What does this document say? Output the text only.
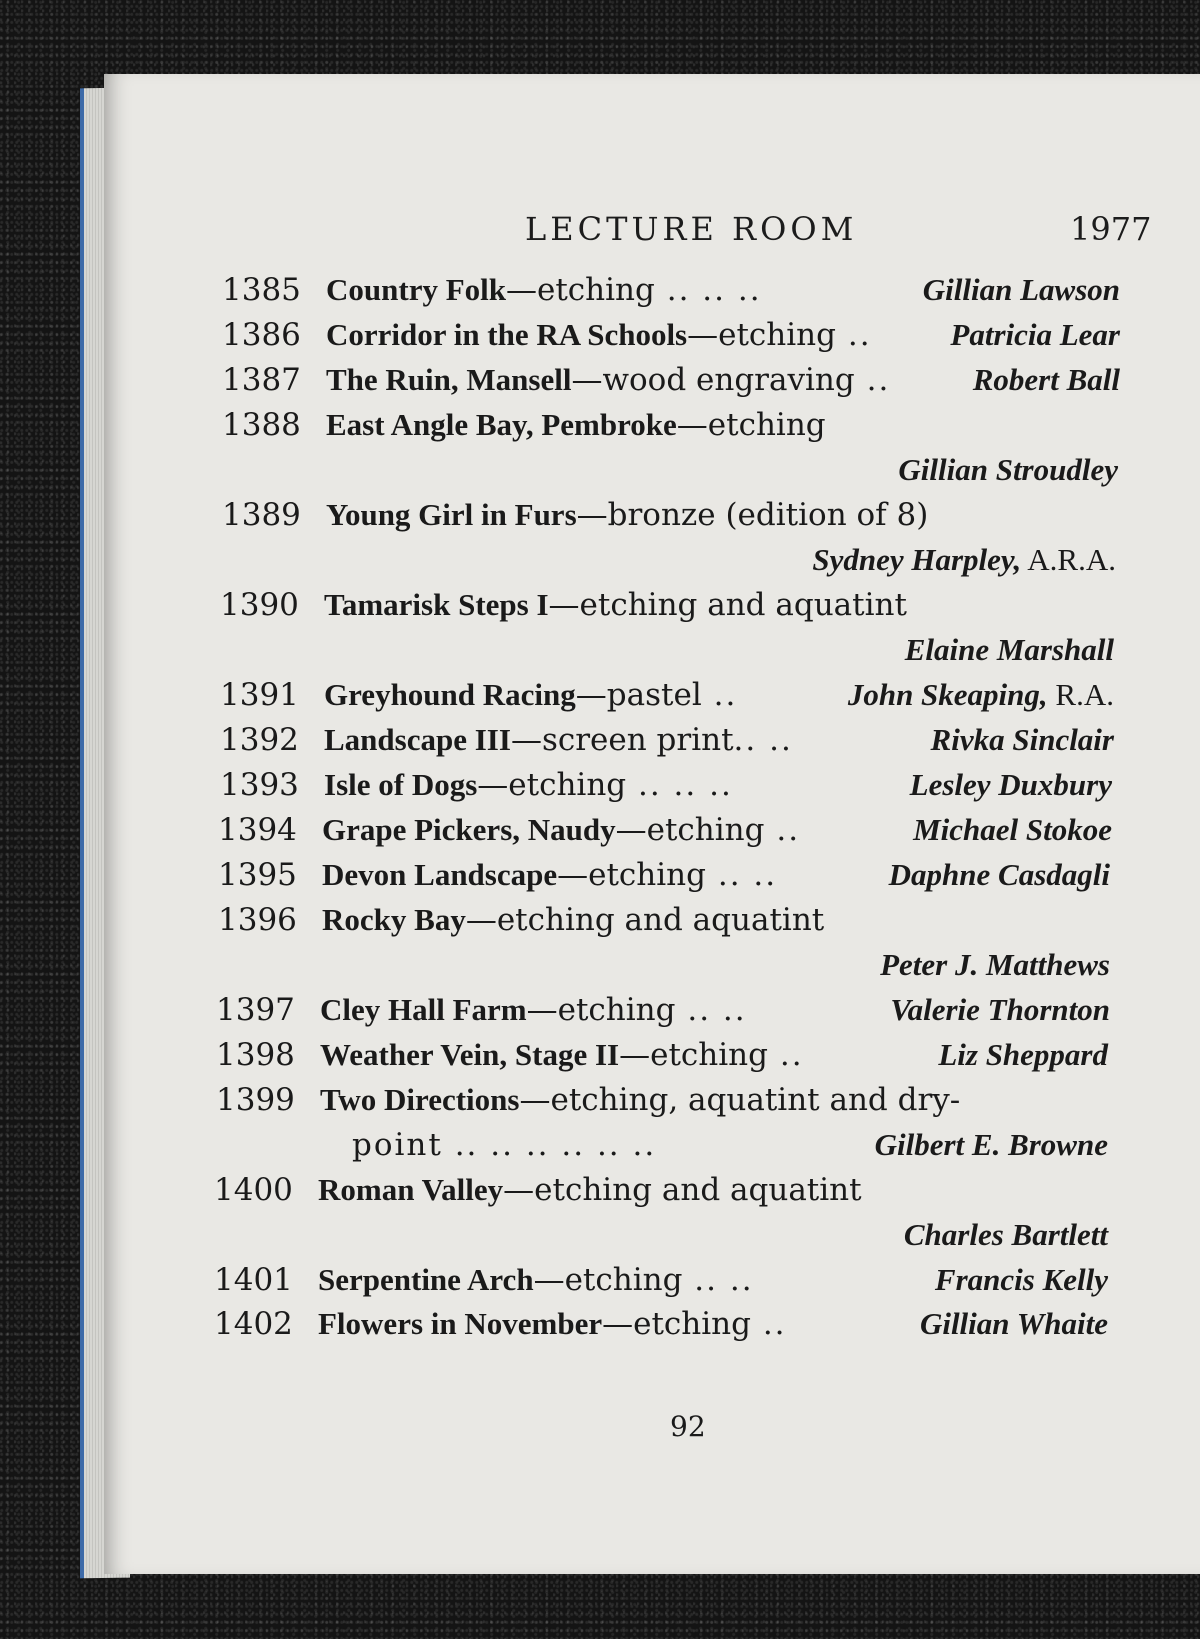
LECTURE ROOM	1977
1385 Country Folk—etching .. .. ..	Gillian Lawson
1386 Corridor in the RA Schools—etching ..	Patricia Lear
1387 The Ruin, Mansell—wood engraving ..	Robert Ball
1388 East Angle Bay, Pembroke—etching
Gillian Stroudley
1389 Young Girl in Furs—bronze (edition of 8)
Sydney Harpley, A.R.A.
1390 Tamarisk Steps I—etching and aquatint
Elaine Marshall
1391 Greyhound Racing—pastel ..	John Skeaping, R.A.
1392 Landscape III—screen print.. ..	Rivka Sinclair
1393 Isle of Dogs—etching .. .. ..	Lesley Duxbury
1394 Grape Pickers, Naudy—etching ..	Michael Stokoe
1395 Devon Landscape—etching .. ..	Daphne Casdagli
1396 Rocky Bay—etching and aquatint
Peter J. Matthews
1397 Cley Hall Farm—etching .. ..	Valerie Thornton
1398 Weather Vein, Stage II—etching ..	Liz Sheppard
1399 Two Directions—etching, aquatint and dry-
point .. .. .. .. .. ..	Gilbert E. Browne
1400 Roman Valley—etching and aquatint
Charles Bartlett
1401 Serpentine Arch—etching .. ..	Francis Kelly
1402 Flowers in November—etching ..	Gillian Whaite
92
